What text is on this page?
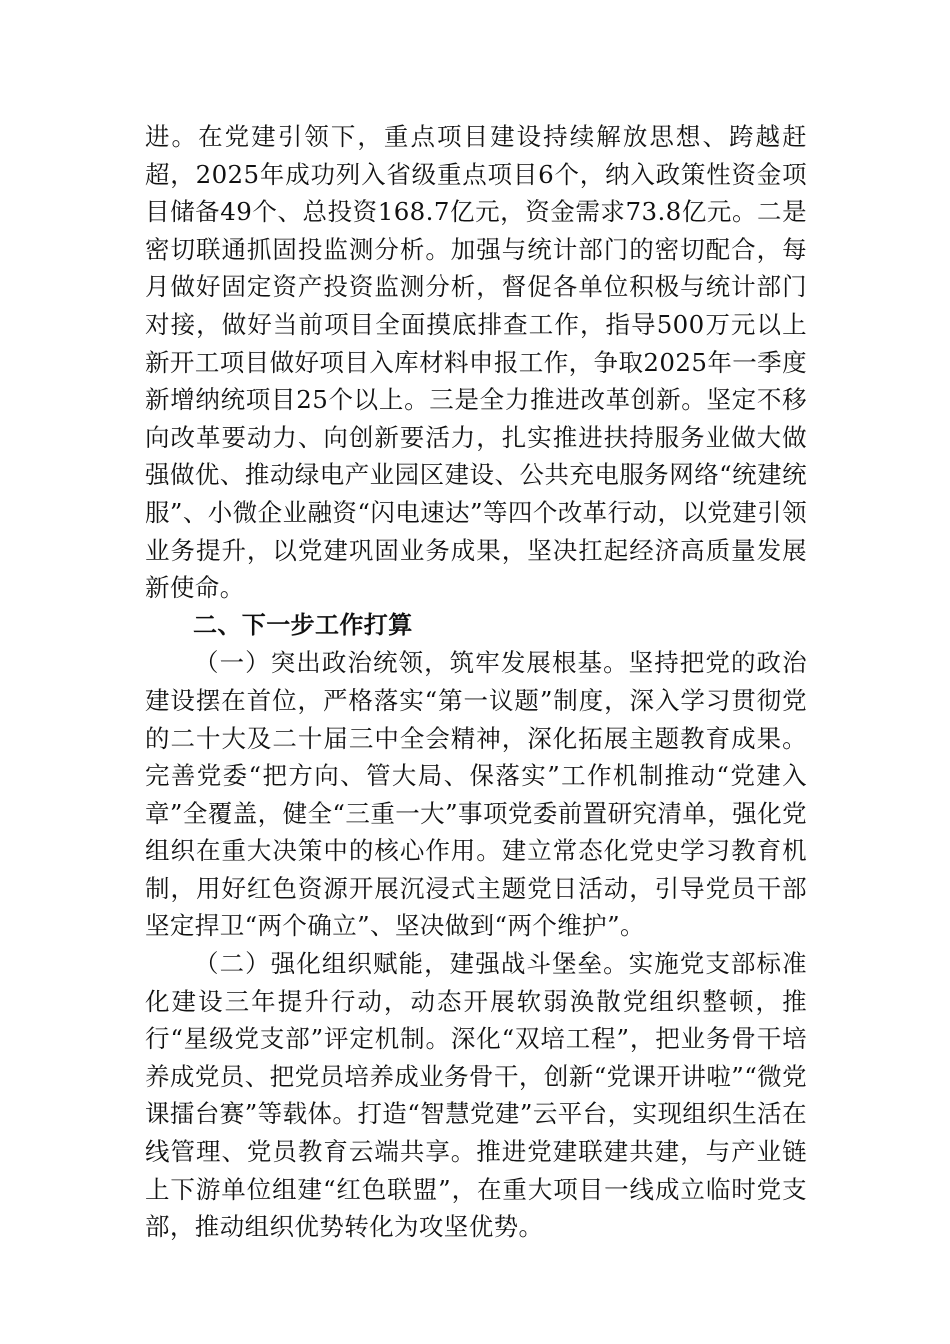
进。在党建引领下，重点项目建设持续解放思想、跨越赶超，2025年成功列入省级重点项目6个，纳入政策性资金项目储备49个、总投资168.7亿元，资金需求73.8亿元。二是密切联通抓固投监测分析。加强与统计部门的密切配合，每月做好固定资产投资监测分析，督促各单位积极与统计部门对接，做好当前项目全面摸底排查工作，指导500万元以上新开工项目做好项目入库材料申报工作，争取2025年一季度新增纳统项目25个以上。三是全力推进改革创新。坚定不移向改革要动力、向创新要活力，扎实推进扶持服务业做大做强做优、推动绿电产业园区建设、公共充电服务网络“统建统服”、小微企业融资“闪电速达”等四个改革行动，以党建引领业务提升，以党建巩固业务成果，坚决扛起经济高质量发展新使命。

二、下一步工作打算

（一）突出政治统领，筑牢发展根基。坚持把党的政治建设摆在首位，严格落实“第一议题”制度，深入学习贯彻党的二十大及二十届三中全会精神，深化拓展主题教育成果。完善党委“把方向、管大局、保落实”工作机制推动“党建入章”全覆盖，健全“三重一大”事项党委前置研究清单，强化党组织在重大决策中的核心作用。建立常态化党史学习教育机制，用好红色资源开展沉浸式主题党日活动，引导党员干部坚定捍卫“两个确立”、坚决做到“两个维护”。

（二）强化组织赋能，建强战斗堡垒。实施党支部标准化建设三年提升行动，动态开展软弱涣散党组织整顿，推行“星级党支部”评定机制。深化“双培工程”，把业务骨干培养成党员、把党员培养成业务骨干，创新“党课开讲啦”“微党课擂台赛”等载体。打造“智慧党建”云平台，实现组织生活在线管理、党员教育云端共享。推进党建联建共建，与产业链上下游单位组建“红色联盟”，在重大项目一线成立临时党支部，推动组织优势转化为攻坚优势。
